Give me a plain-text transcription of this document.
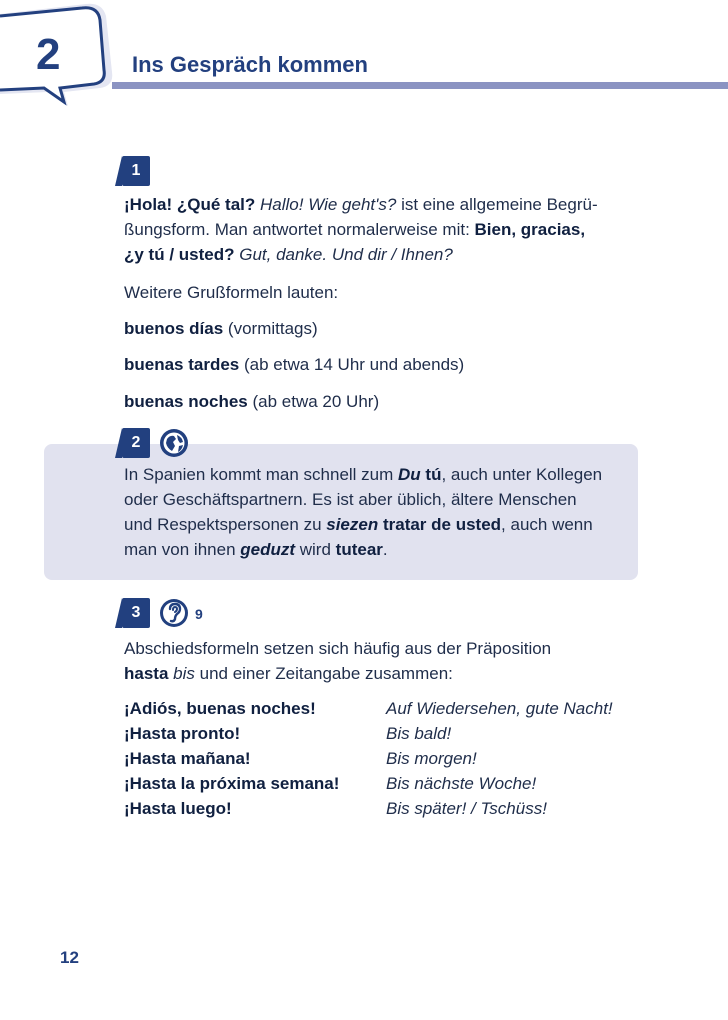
2	Ins Gespräch kommen
1
¡Hola! ¿Qué tal? Hallo! Wie geht's? ist eine allgemeine Begrü-
ßungsform. Man antwortet normalerweise mit: Bien, gracias,
¿y tú / usted? Gut, danke. Und dir / Ihnen?
Weitere Grußformeln lauten:
buenos días (vormittags)
buenas tardes (ab etwa 14 Uhr und abends)
buenas noches (ab etwa 20 Uhr)
2
In Spanien kommt man schnell zum Du tú, auch unter Kollegen
oder Geschäftspartnern. Es ist aber üblich, ältere Menschen
und Respektspersonen zu siezen tratar de usted, auch wenn
man von ihnen geduzt wird tutear.
3	9
Abschiedsformeln setzen sich häufig aus der Präposition
hasta bis und einer Zeitangabe zusammen:
¡Adiós, buenas noches!	Auf Wiedersehen, gute Nacht!
¡Hasta pronto!	Bis bald!
¡Hasta mañana!	Bis morgen!
¡Hasta la próxima semana!	Bis nächste Woche!
¡Hasta luego!	Bis später! / Tschüss!
12
